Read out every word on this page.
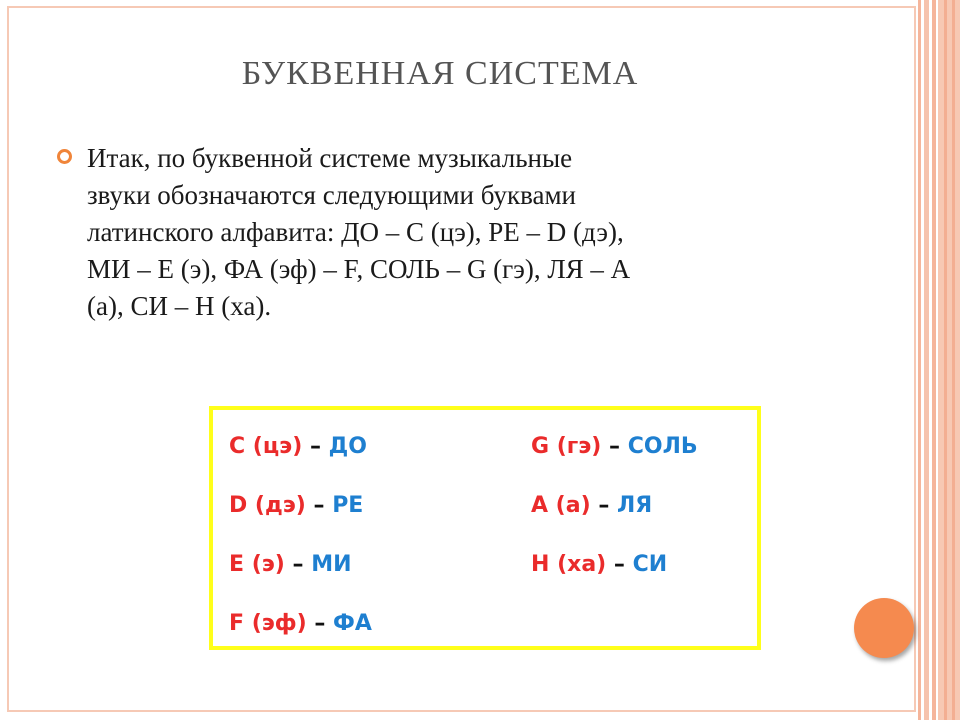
БУКВЕННАЯ СИСТЕМА
Итак, по буквенной системе музыкальные
звуки обозначаются следующими буквами
латинского алфавита: ДО – С (цэ), РЕ – D (дэ),
МИ – Е (э), ФА (эф) – F, СОЛЬ – G (гэ), ЛЯ – А
(а), СИ – Н (ха).
C (цэ) – ДО
D (дэ) – РЕ
E (э) – МИ
F (эф) – ФА
G (гэ) – СОЛЬ
A (а) – ЛЯ
H (ха) – СИ
